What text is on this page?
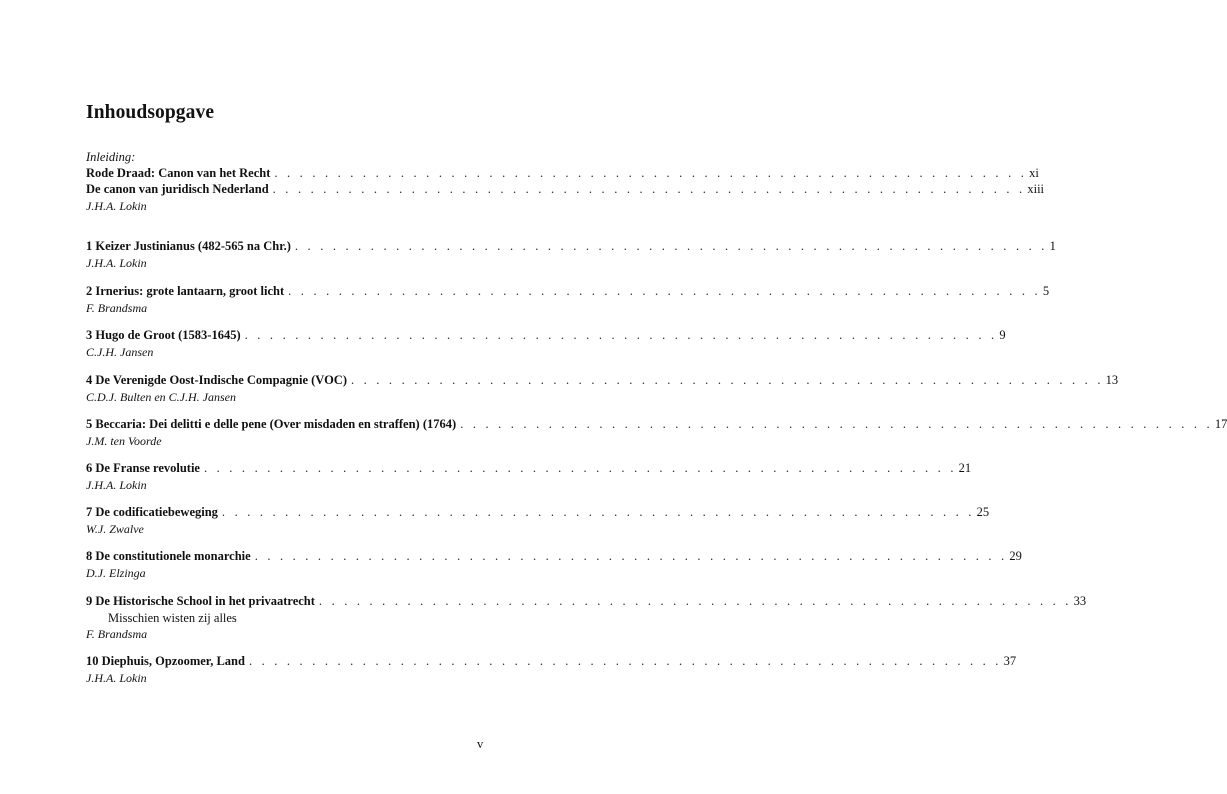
Inhoudsopgave
Inleiding:
Rode Draad: Canon van het Recht . . . . . . . . . . . . . . . . . . . . . . . . . . . . . . . . . . . . . . . . . . . . . . . . . . . . . . . . . . . . xi
De canon van juridisch Nederland . . . . . . . . . . . . . . . . . . . . . . . . . . . . . . . . . . . . . . . . . . . . . . . . . . . . . . . . . . . . xiii
J.H.A. Lokin
1 Keizer Justinianus (482-565 na Chr.) . . . . . . . . . . . . . . . . . . . . . . . . . . . . . . . . . . . . . . . . . . . . . . . . . . . . . . . . . . . . 1
J.H.A. Lokin
2 Irnerius: grote lantaarn, groot licht . . . . . . . . . . . . . . . . . . . . . . . . . . . . . . . . . . . . . . . . . . . . . . . . . . . . . . . . . . . . 5
F. Brandsma
3 Hugo de Groot (1583-1645) . . . . . . . . . . . . . . . . . . . . . . . . . . . . . . . . . . . . . . . . . . . . . . . . . . . . . . . . . . . . 9
C.J.H. Jansen
4 De Verenigde Oost-Indische Compagnie (VOC) . . . . . . . . . . . . . . . . . . . . . . . . . . . . . . . . . . . . . . . . . . . . . . . . . . . . . . . . . . . . 13
C.D.J. Bulten en C.J.H. Jansen
5 Beccaria: Dei delitti e delle pene (Over misdaden en straffen) (1764) . . . . . . . . . . . . . . . . . . . . . . . . . . . . . . . . . . . . . . . . . . . . . . . . . . . . . . . . . . . . 17
J.M. ten Voorde
6 De Franse revolutie . . . . . . . . . . . . . . . . . . . . . . . . . . . . . . . . . . . . . . . . . . . . . . . . . . . . . . . . . . . . 21
J.H.A. Lokin
7 De codificatiebeweging . . . . . . . . . . . . . . . . . . . . . . . . . . . . . . . . . . . . . . . . . . . . . . . . . . . . . . . . . . . . 25
W.J. Zwalve
8 De constitutionele monarchie . . . . . . . . . . . . . . . . . . . . . . . . . . . . . . . . . . . . . . . . . . . . . . . . . . . . . . . . . . . . 29
D.J. Elzinga
9 De Historische School in het privaatrecht . . . . . . . . . . . . . . . . . . . . . . . . . . . . . . . . . . . . . . . . . . . . . . . . . . . . . . . . . . . . 33
Misschien wisten zij alles
F. Brandsma
10 Diephuis, Opzoomer, Land . . . . . . . . . . . . . . . . . . . . . . . . . . . . . . . . . . . . . . . . . . . . . . . . . . . . . . . . . . . . 37
J.H.A. Lokin
v
